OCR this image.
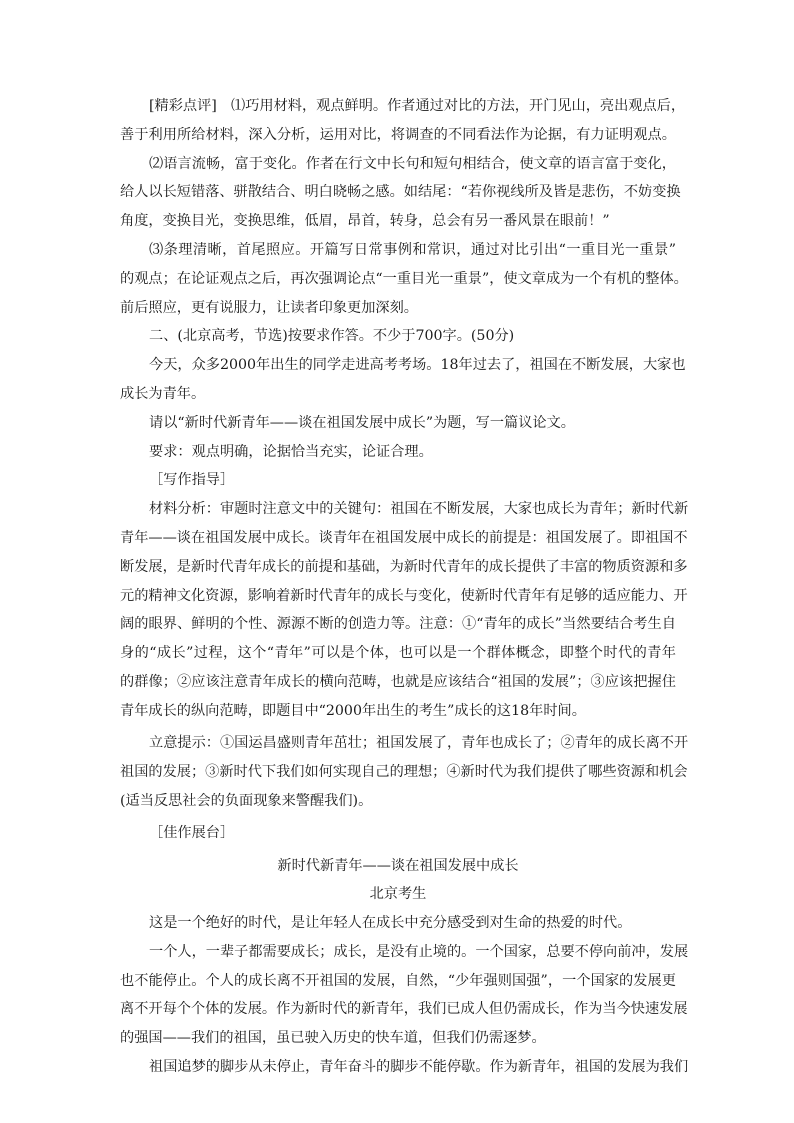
[精彩点评]　⑴巧用材料，观点鲜明。作者通过对比的方法，开门见山，亮出观点后，
善于利用所给材料，深入分析，运用对比，将调查的不同看法作为论据，有力证明观点。
⑵语言流畅，富于变化。作者在行文中长句和短句相结合，使文章的语言富于变化，
给人以长短错落、骈散结合、明白晓畅之感。如结尾：“若你视线所及皆是悲伤，不妨变换
角度，变换目光，变换思维，低眉，昂首，转身，总会有另一番风景在眼前！”
⑶条理清晰，首尾照应。开篇写日常事例和常识，通过对比引出“一重目光一重景”
的观点；在论证观点之后，再次强调论点“一重目光一重景”，使文章成为一个有机的整体。
前后照应，更有说服力，让读者印象更加深刻。
二、(北京高考，节选)按要求作答。不少于700字。(50分)
今天，众多2000年出生的同学走进高考考场。18年过去了，祖国在不断发展，大家也
成长为青年。
请以“新时代新青年——谈在祖国发展中成长”为题，写一篇议论文。
要求：观点明确，论据恰当充实，论证合理。
［写作指导］
材料分析：审题时注意文中的关键句：祖国在不断发展，大家也成长为青年；新时代新
青年——谈在祖国发展中成长。谈青年在祖国发展中成长的前提是：祖国发展了。即祖国不
断发展，是新时代青年成长的前提和基础，为新时代青年的成长提供了丰富的物质资源和多
元的精神文化资源，影响着新时代青年的成长与变化，使新时代青年有足够的适应能力、开
阔的眼界、鲜明的个性、源源不断的创造力等。注意：①“青年的成长”当然要结合考生自
身的“成长”过程，这个“青年”可以是个体，也可以是一个群体概念，即整个时代的青年
的群像；②应该注意青年成长的横向范畴，也就是应该结合“祖国的发展”；③应该把握住
青年成长的纵向范畴，即题目中“2000年出生的考生”成长的这18年时间。
立意提示：①国运昌盛则青年茁壮；祖国发展了，青年也成长了；②青年的成长离不开
祖国的发展；③新时代下我们如何实现自己的理想；④新时代为我们提供了哪些资源和机会
(适当反思社会的负面现象来警醒我们)。
［佳作展台］
新时代新青年——谈在祖国发展中成长
北京考生
这是一个绝好的时代，是让年轻人在成长中充分感受到对生命的热爱的时代。
一个人，一辈子都需要成长；成长，是没有止境的。一个国家，总要不停向前冲，发展
也不能停止。个人的成长离不开祖国的发展，自然，“少年强则国强”，一个国家的发展更
离不开每个个体的发展。作为新时代的新青年，我们已成人但仍需成长，作为当今快速发展
的强国——我们的祖国，虽已驶入历史的快车道，但我们仍需逐梦。
祖国追梦的脚步从未停止，青年奋斗的脚步不能停歇。作为新青年，祖国的发展为我们
